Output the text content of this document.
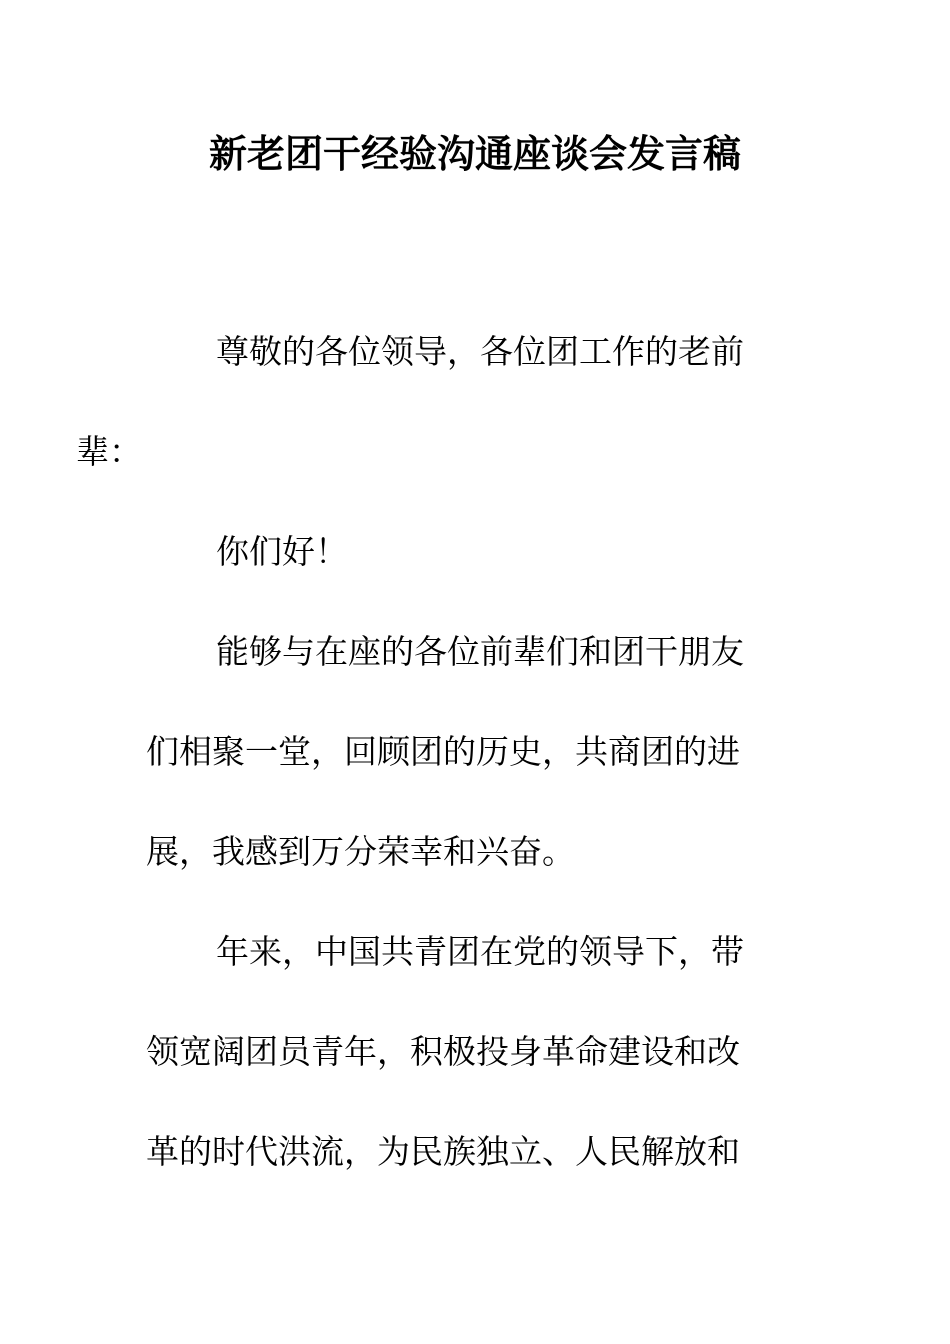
新老团干经验沟通座谈会发言稿

尊敬的各位领导，各位团工作的老前
辈：

你们好！

能够与在座的各位前辈们和团干朋友
们相聚一堂，回顾团的历史，共商团的进
展，我感到万分荣幸和兴奋。

年来，中国共青团在党的领导下，带
领宽阔团员青年，积极投身革命建设和改
革的时代洪流，为民族独立、人民解放和
